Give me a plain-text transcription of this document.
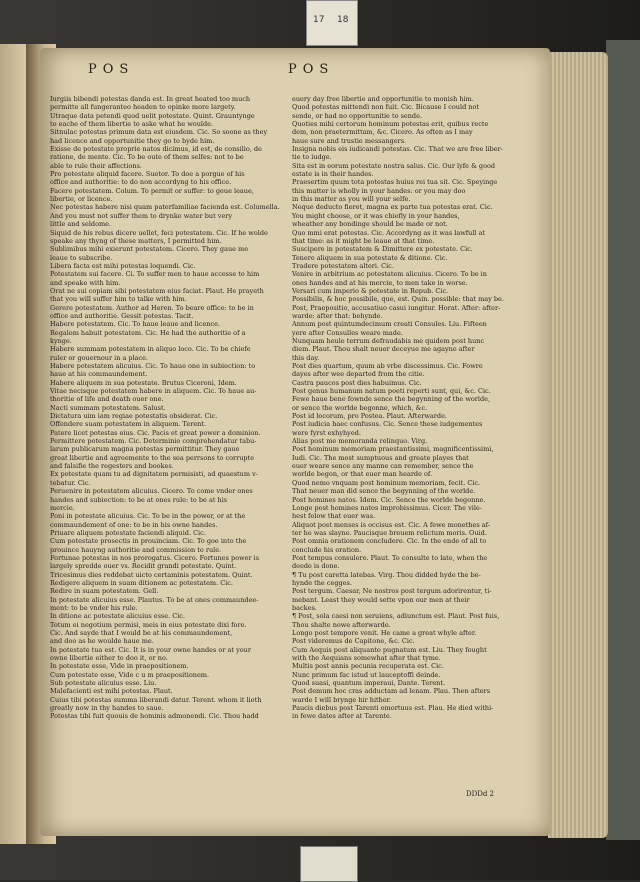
17 18
POS	POS
Iurgiis bibendi potestas danda est. In great heated too much
permitte all fungeranteo headen to opinke more largety.
Utraque data petendi quod uelit potestate. Quint. Grauntynge
to eache of them libertie to aske what he woulde.
Sitnulac potestas primum data est eiusdem. Cic. So soone as they
had licence and opportunitie they go to byde him.
Exisse de potestate proprie natos dicimus, id est, de consilio, de
ratione, de mente. Cic. To be oute of them selfes: not to be
able to rule their affections.
Pro potestate aliquid facere. Suetor. To doe a porgue of his
office and authoritie: to do non accordyng to his office.
Facere potestatem. Colum. To permit or suffer: to geue leaue,
libertie, or licence.
Nec potestas habere nisi quam paterfamiliae facienda est. Columella.
And you must not suffer them to drynke water but very
little and seldome.
Siquid de his rebus dicere uellet, feci potestatem. Cic. If he wolde
speake any thyng of these matters, I permitted him.
Sublimibus mihi exierunt potestatem. Cicero. They gaue me
leaue to subscribe.
Libera facta est mihi potestas loquendi. Cic.
Potestatem sui facere. Ci. To suffer men to haue accesse to him
and speake with him.
Orat ne sui copiam sibi potestatem eius faciat. Plaut. He prayeth
that you will suffer him to talke with him.
Gerere potestatem. Author ad Heren. To beare office: to be in
office and authoritie. Gessit potestas. Tacit.
Habere potestatem. Cic. To haue leaue and licence.
Regalem habuit potestatem. Cic. He had the authoritie of a
kynge.
Habere summam potestatem in aliquo loco. Cic. To be chiefe
ruler or gouernour in a place.
Habere potestatem alicuius. Cic. To haue one in subiection: to
haue at his commaundement.
Habere aliquem in sua potestate. Brutus Ciceroni, Idem.
Vitae necisque potestatem habere in aliquem. Cic. To haue au-
thoritie of life and death ouer one.
Nacti summam potestatem. Salust.
Dictatura uim iam regiae potestatis obsiderat. Cic.
Offendere suam potestatem in aliquem. Terent.
Patere licet potestas eius. Cic. Pacis et great power a dominion.
Permittere potestatem. Cic. Determinio comprehendatur tabu-
larum publicarum magna potestas permittitur. They gaue
great libertie and agreemente to the sea perrsons to corrupte
and falsifie the regesters and bookes.
Ex potestate quam tu ad dignitatem permisisti, ad quaestum v-
tebatur. Cic.
Peruenire in potestatem alicuius. Cicero. To come vnder ones
handes and subiection: to be at ones rule: to be at his
mercie.
Poni in potestate alicuius. Cic. To be in the power, or at the
commaundement of one: to be in his owne handes.
Priuare aliquem potestate faciendi aliquid. Cic.
Cum potestate prosectis in prouinciam. Cic. To goe into the
prouince hauyng authoritie and commission to rule.
Fortunae potestas in nos prorogatus. Cicero. Fortunes power is
largely spredde ouer vs. Recidit grandi potestate. Quint.
Tricesimus dies reddebat uicto certaminis potestatem. Quint.
Redigere aliquem in suam ditionem ac potestatem. Cic.
Redire in suam potestatem. Gell.
In potestate alicuius esse. Plautus. To be at ones commaundee-
ment: to be vnder his rule.
In ditione ac potestate alicuius esse. Cic.
Totum ei negotium permisi, meis in eius potestate dixi fore.
Cic. And sayde that I would be at his commaundement,
and doo as he woulde haue me.
In potestate tua est. Cic. It is in your owne handes or at your
owne libertie either to doo it, or no.
In potestate esse, Vide in praepositionem.
Cum potestate esse, Vide c u m praepositionem.
Sub potestate alicuius esse. Liu.
Malefacienti est mihi potestas. Plaut.
Cuius tibi potestas summa liberandi datur. Terent. whom it lieth
greatly now in thy handes to saue.
Potestas tibi fuit quouis de hominis admonendi. Cic. Thou hadd
euery day free libertie and opportunitie to monish him.
Quod potestas mittendi non fuit. Cic. Bicause I could not
sende, or had no opportunitie to sende.
Quoties mihi certorum hominum potestas erit, quibus recte
dem, non praetermittam, &c. Cicero. As often as I may
haue sure and trustie messangers.
Insigna nobis eis iudicandi potestas. Cic. That we are free liber-
tie to iudge.
Sita est in eorum potestate nostra salus. Cic. Our lyfe & good
estate is in their handes.
Praesertim quum tota potestas huius rei tua sit. Cic. Speyinge
this matter is wholly in your handes: or you may doo
in this matter as you will your selfe.
Neque deducto fieret, magna ex parte tua potestas erat. Cic.
You might choose, or it was chiefly in your handes,
wheather any bondinge should be made or not.
Quo mmi erat potestas. Cic. Accordyng as it was lawfull at
that time: as it might be leaue at that time.
Suscipere in potestatem & Dimittere ex potestate. Cic.
Tenere aliquem in sua potestate & ditione. Cic.
Tradere potestatem alteri. Cic.
Venire in arbitrium ac potestatem alicuius. Cicero. To be in
ones handes and at his mercie, to men take in worse.
Versari cum imperio & potestate in Repub. Cic.
Possibilis, & hoc possibile, que, est. Quin. possible: that may be.
Post, Praepositio, accusatiuo casui iungitur. Horat. After: after-
warde: after that: behynde.
Annum post quintumdecimum creati Consules. Liu. Fifteen
yere after Consulles weare made.
Nunquam heule terrum defraudabis me quidem post hunc
diem. Plaut. Thou shalt neuer deceyue me agayne after
this day.
Post dies quartum, quum ab vrbe discessimus. Cic. Fowre
dayes after wee departed from the citie.
Castra paucos post dies habuimus. Cic.
Post genus humanum natum poeti reperti sunt, qui, &c. Cic.
Fewe haue bene fownde sence the begynning of the worlde,
or sence the worlde begonne, which, &c.
Post id locorum, pro Postea. Plaut. Afterwarde.
Post iudicia haec confusus. Cic. Sence these iudgementes
were fyrst exhyhyed.
Alias post me memoranda relinquo. Virg.
Post hominum memoriam praestantissimi, magnificentissimi,
Iudi. Cic. The most sumptuous and greate playes that
euer weare sence any manne can remember, sence the
worlde begon, or that euer man hearde of.
Quod nemo vnquam post hominum memoriam, fecit. Cic.
That neuer man did sence the begynning of the worlde.
Post homines natos. Idem. Cic. Sence the worlde begonne.
Longe post homines natos improbissimus. Cicer. The vile-
hest felow that euer was.
Aliquot post menses is occisus est. Cic. A fewe monethes af-
ter he was slayne. Paucisque breuem relictum moris. Ouid.
Post omnia orationem concludere. Cic. In the ende of all to
conclude his oration.
Post tempus consulere. Plaut. To consulte to late, when the
deede is done.
¶ Tu post caretta latebas. Virg. Thou didded hyde the be-
hynde the cegges.
Post tergum. Caesar, Ne nostros post tergum adorirentur, ti-
mebant. Least they would sette vpon our men at their
backes.
¶ Post, sola caesi non seruiens, adiunctum est. Plaut. Post fuis,
Thou shalte nowe afterwarde.
Longo post tempore venit. He came a great whyle after.
Post videremus de Capitone, &c. Cic.
Cum Aequis post aliquanto pugnatum est. Liu. They fought
with the Aequians somewhat after that tyme.
Multis post annis pecunia recuperata est. Cic.
Nunc primum fac istud ut lauceptoffi deinde.
Quod suasi, quantum imperaui, Dante. Terent.
Post demum hoc cras adductam ad lenam. Plau. Then afters
warde I will brynge hir hither.
Paucis diebus post Tarenti emortuus est. Plau. He died withi-
in fewe dates after at Tarente.
DDDd 2
